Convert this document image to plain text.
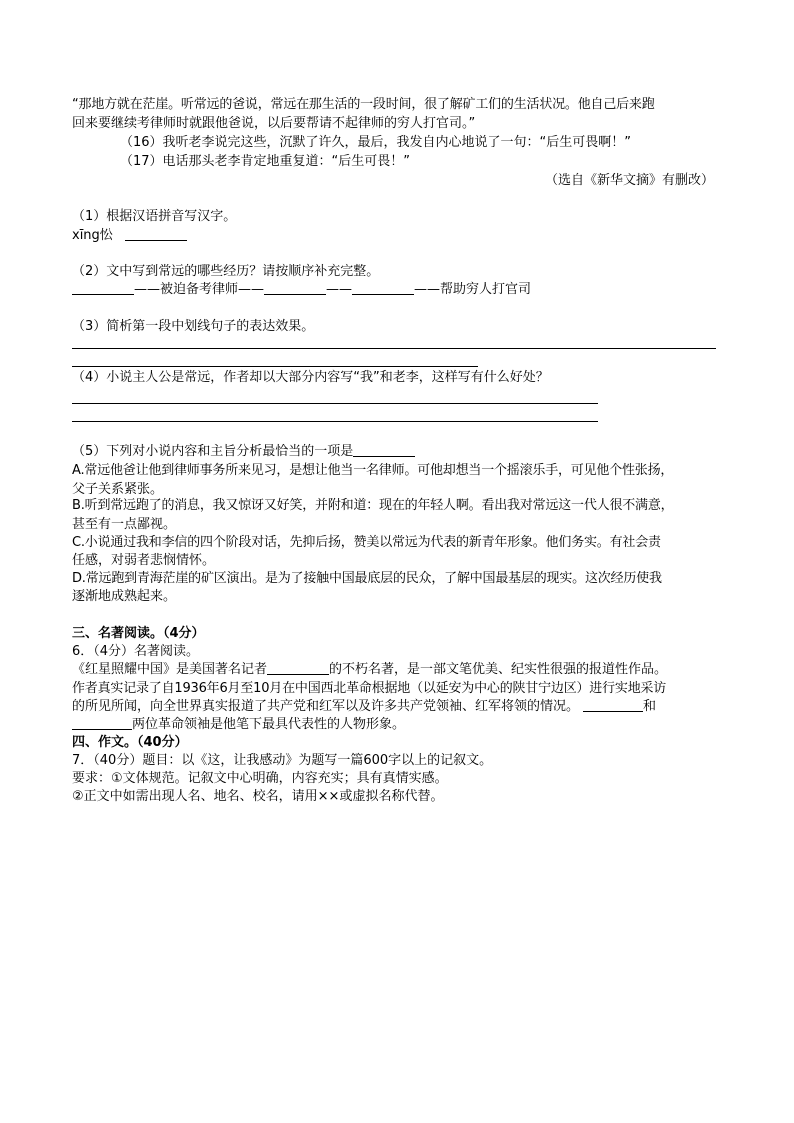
“那地方就在茫崖。听常远的爸说，常远在那生活的一段时间，很了解矿工们的生活状况。他自己后来跑
回来要继续考律师时就跟他爸说，以后要帮请不起律师的穷人打官司。”
（16）我听老李说完这些，沉默了许久，最后，我发自内心地说了一句：“后生可畏啊！”
（17）电话那头老李肯定地重复道：“后生可畏！”
（选自《新华文摘》有删改）
（1）根据汉语拼音写汉字。
xīng忪
（2）文中写到常远的哪些经历？请按顺序补充完整。
——被迫备考律师——	——	——帮助穷人打官司
（3）简析第一段中划线句子的表达效果。
（4）小说主人公是常远，作者却以大部分内容写“我”和老李，这样写有什么好处？
（5）下列对小说内容和主旨分析最恰当的一项是
A.常远他爸让他到律师事务所来见习，是想让他当一名律师。可他却想当一个摇滚乐手，可见他个性张扬，
父子关系紧张。
B.听到常远跑了的消息，我又惊讶又好笑，并附和道：现在的年轻人啊。看出我对常远这一代人很不满意，
甚至有一点鄙视。
C.小说通过我和李信的四个阶段对话，先抑后扬，赞美以常远为代表的新青年形象。他们务实。有社会责
任感，对弱者悲悯情怀。
D.常远跑到青海茫崖的矿区演出。是为了接触中国最底层的民众，了解中国最基层的现实。这次经历使我
逐渐地成熟起来。
三、名著阅读。（4分）
6．（4分）名著阅读。
《红星照耀中国》是美国著名记者	的不朽名著，是一部文笔优美、纪实性很强的报道性作品。
作者真实记录了自1936年6月至10月在中国西北革命根据地（以延安为中心的陕甘宁边区）进行实地采访
的所见所闻，向全世界真实报道了共产党和红军以及许多共产党领袖、红军将领的情况。	和
两位革命领袖是他笔下最具代表性的人物形象。
四、作文。（40分）
7．（40分）题目：以《这，让我感动》为题写一篇600字以上的记叙文。
要求：①文体规范。记叙文中心明确，内容充实；具有真情实感。
②正文中如需出现人名、地名、校名，请用××或虚拟名称代替。
